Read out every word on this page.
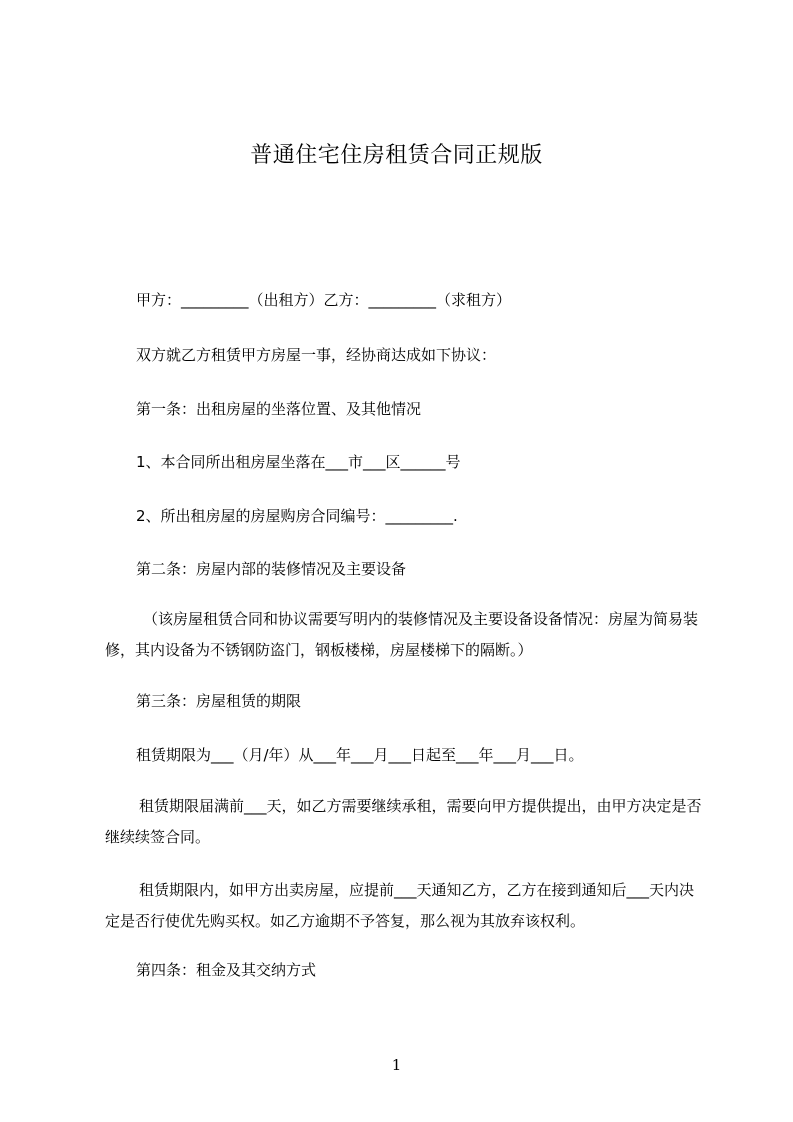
普通住宅住房租赁合同正规版
甲方：_________（出租方）乙方：_________（求租方）
双方就乙方租赁甲方房屋一事，经协商达成如下协议：
第一条：出租房屋的坐落位置、及其他情况
1、本合同所出租房屋坐落在___市___区______号
2、所出租房屋的房屋购房合同编号：_________.
第二条：房屋内部的装修情况及主要设备
（该房屋租赁合同和协议需要写明内的装修情况及主要设备设备情况：房屋为简易装修，其内设备为不锈钢防盗门，钢板楼梯，房屋楼梯下的隔断。）
第三条：房屋租赁的期限
租赁期限为___（月/年）从___年___月___日起至___年___月___日。
租赁期限届满前___天，如乙方需要继续承租，需要向甲方提供提出，由甲方决定是否继续续签合同。
租赁期限内，如甲方出卖房屋，应提前___天通知乙方，乙方在接到通知后___天内决定是否行使优先购买权。如乙方逾期不予答复，那么视为其放弃该权利。
第四条：租金及其交纳方式
1
